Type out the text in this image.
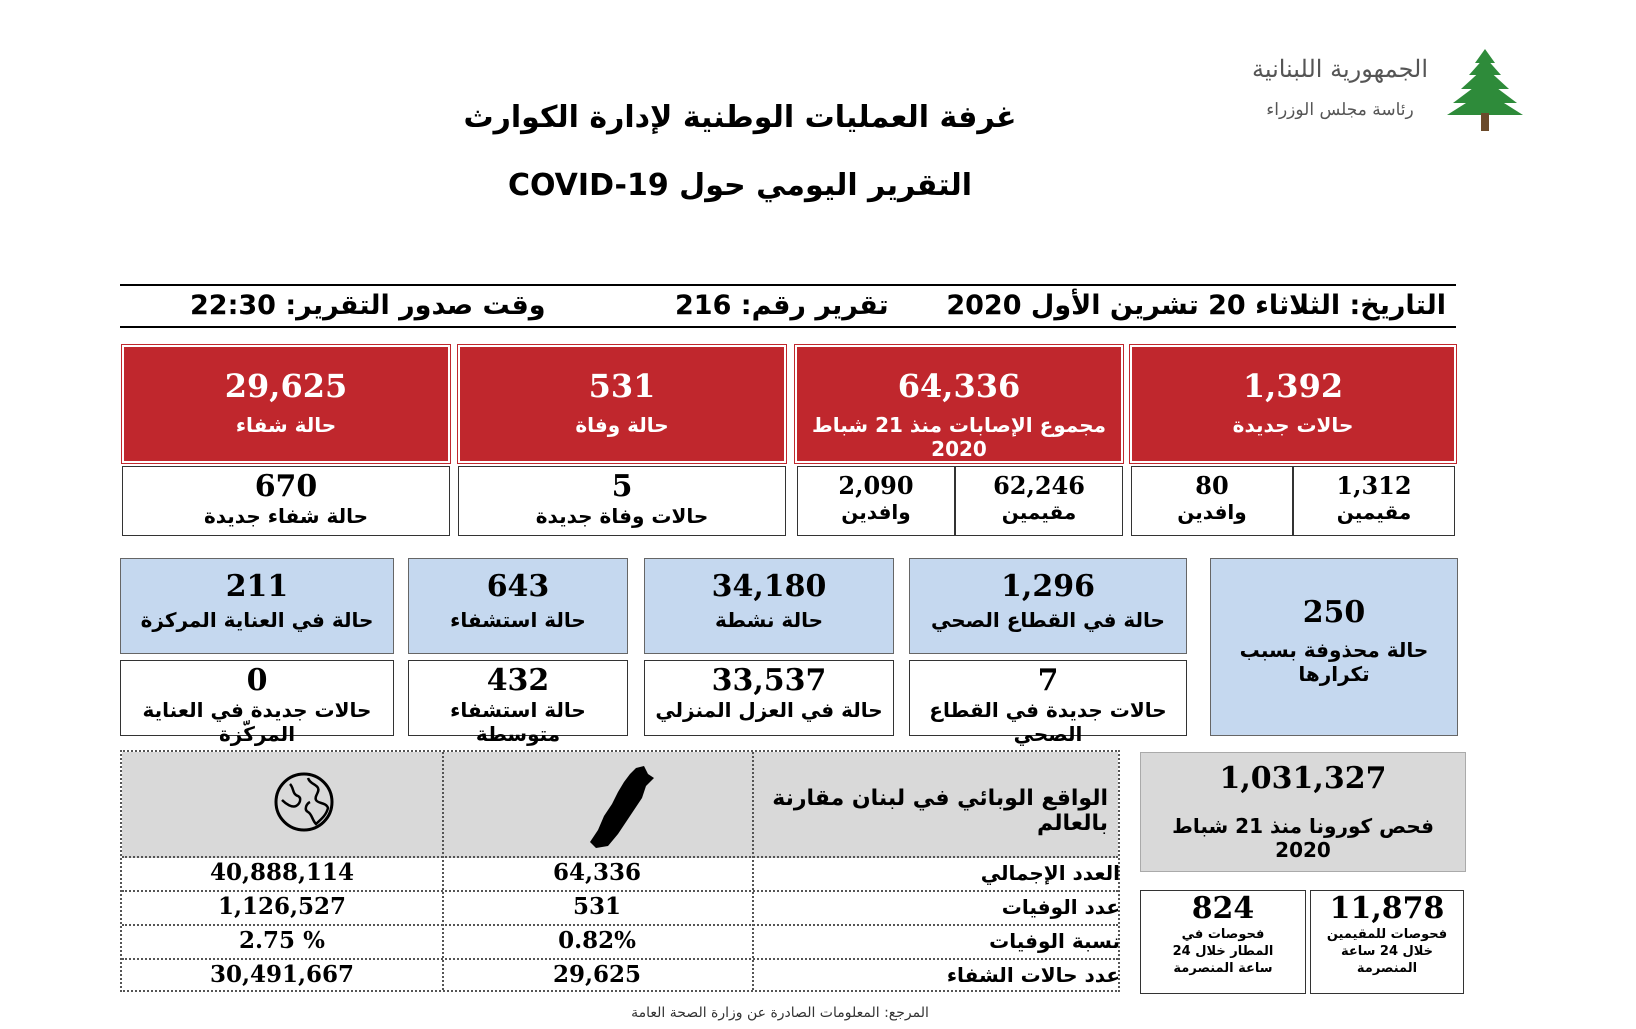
غرفة العمليات الوطنية لإدارة الكوارث
التقرير اليومي حول COVID-19
الجمهورية اللبنانية
رئاسة مجلس الوزراء
التاريخ: الثلاثاء 20 تشرين الأول 2020
تقرير رقم: 216
وقت صدور التقرير: 22:30
1,392
حالات جديدة
64,336
مجموع الإصابات منذ 21 شباط 2020
531
حالة وفاة
29,625
حالة شفاء
1,312
مقيمين
80
وافدين
62,246
مقيمين
2,090
وافدين
5
حالات وفاة جديدة
670
حالة شفاء جديدة
250
حالة محذوفة بسبب تكرارها
1,296
حالة في القطاع الصحي
7
حالات جديدة في القطاع الصحي
34,180
حالة نشطة
33,537
حالة في العزل المنزلي
643
حالة استشفاء
432
حالة استشفاء متوسطة
211
حالة في العناية المركزة
0
حالات جديدة في العناية المركّزة
1,031,327
فحص كورونا منذ 21 شباط 2020
11,878
فحوصات للمقيمين خلال 24 ساعة المنصرمة
824
فحوصات في المطار خلال 24 ساعة المنصرمة
الواقع الوبائي في لبنان مقارنة بالعالم
40,888,114	64,336	العدد الإجمالي
1,126,527	531	عدد الوفيات
2.75 %	0.82%	نسبة الوفيات
30,491,667	29,625	عدد حالات الشفاء
المرجع: المعلومات الصادرة عن وزارة الصحة العامة
